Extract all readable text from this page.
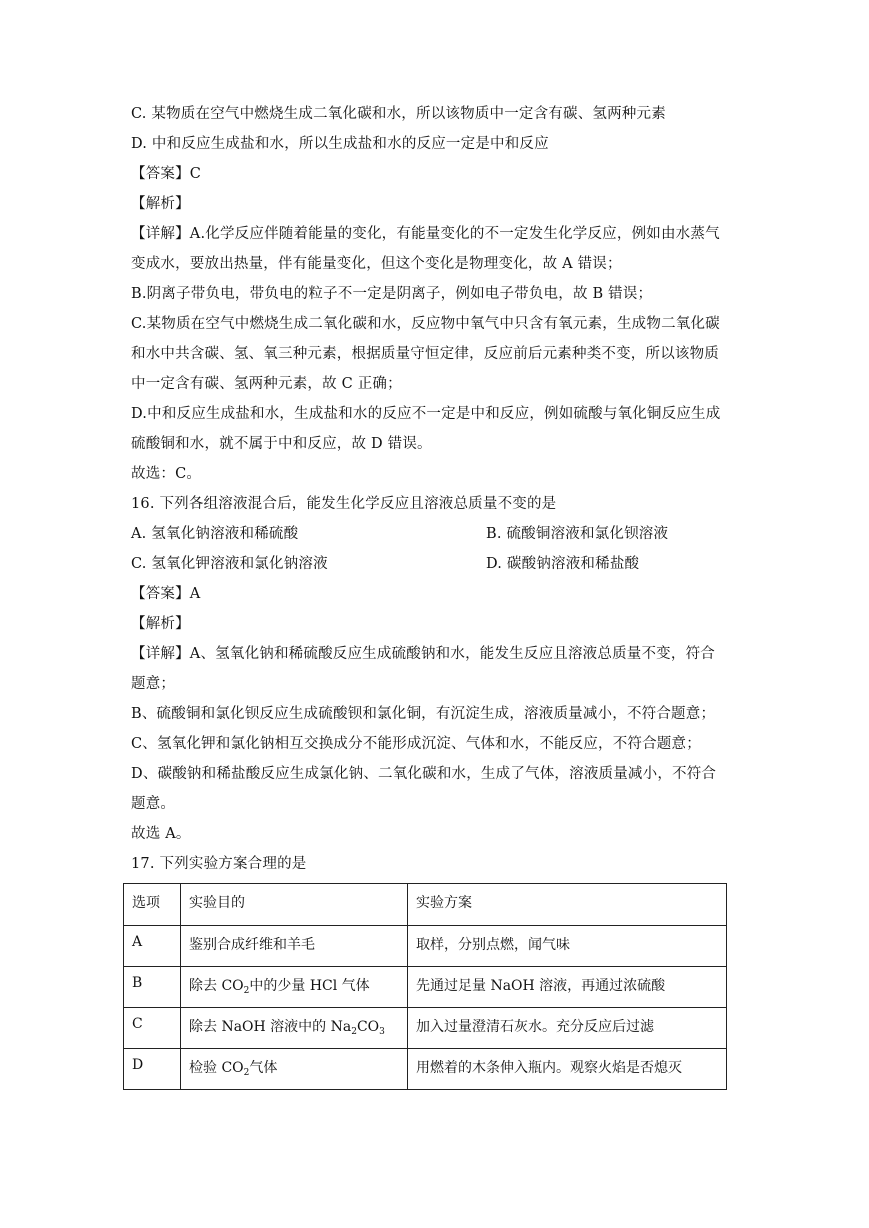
C. 某物质在空气中燃烧生成二氧化碳和水，所以该物质中一定含有碳、氢两种元素
D. 中和反应生成盐和水，所以生成盐和水的反应一定是中和反应
【答案】C
【解析】
【详解】A.化学反应伴随着能量的变化，有能量变化的不一定发生化学反应，例如由水蒸气
变成水，要放出热量，伴有能量变化，但这个变化是物理变化，故 A 错误；
B.阴离子带负电，带负电的粒子不一定是阴离子，例如电子带负电，故 B 错误；
C.某物质在空气中燃烧生成二氧化碳和水，反应物中氧气中只含有氧元素，生成物二氧化碳
和水中共含碳、氢、氧三种元素，根据质量守恒定律，反应前后元素种类不变，所以该物质
中一定含有碳、氢两种元素，故 C 正确；
D.中和反应生成盐和水，生成盐和水的反应不一定是中和反应，例如硫酸与氧化铜反应生成
硫酸铜和水，就不属于中和反应，故 D 错误。
故选：C。
16. 下列各组溶液混合后，能发生化学反应且溶液总质量不变的是
A. 氢氧化钠溶液和稀硫酸	B. 硫酸铜溶液和氯化钡溶液
C. 氢氧化钾溶液和氯化钠溶液	D. 碳酸钠溶液和稀盐酸
【答案】A
【解析】
【详解】A、氢氧化钠和稀硫酸反应生成硫酸钠和水，能发生反应且溶液总质量不变，符合
题意；
B、硫酸铜和氯化钡反应生成硫酸钡和氯化铜，有沉淀生成，溶液质量减小，不符合题意；
C、氢氧化钾和氯化钠相互交换成分不能形成沉淀、气体和水，不能反应，不符合题意；
D、碳酸钠和稀盐酸反应生成氯化钠、二氧化碳和水，生成了气体，溶液质量减小，不符合
题意。
故选 A。
17. 下列实验方案合理的是
选项	实验目的	实验方案
A	鉴别合成纤维和羊毛	取样，分别点燃，闻气味
B	除去 $CO_2$中的少量 HCl 气体	先通过足量 NaOH 溶液，再通过浓硫酸
C	除去 NaOH 溶液中的 $Na_2CO_3$	加入过量澄清石灰水。充分反应后过滤
D	检验 $CO_2$气体	用燃着的木条伸入瓶内。观察火焰是否熄灭
